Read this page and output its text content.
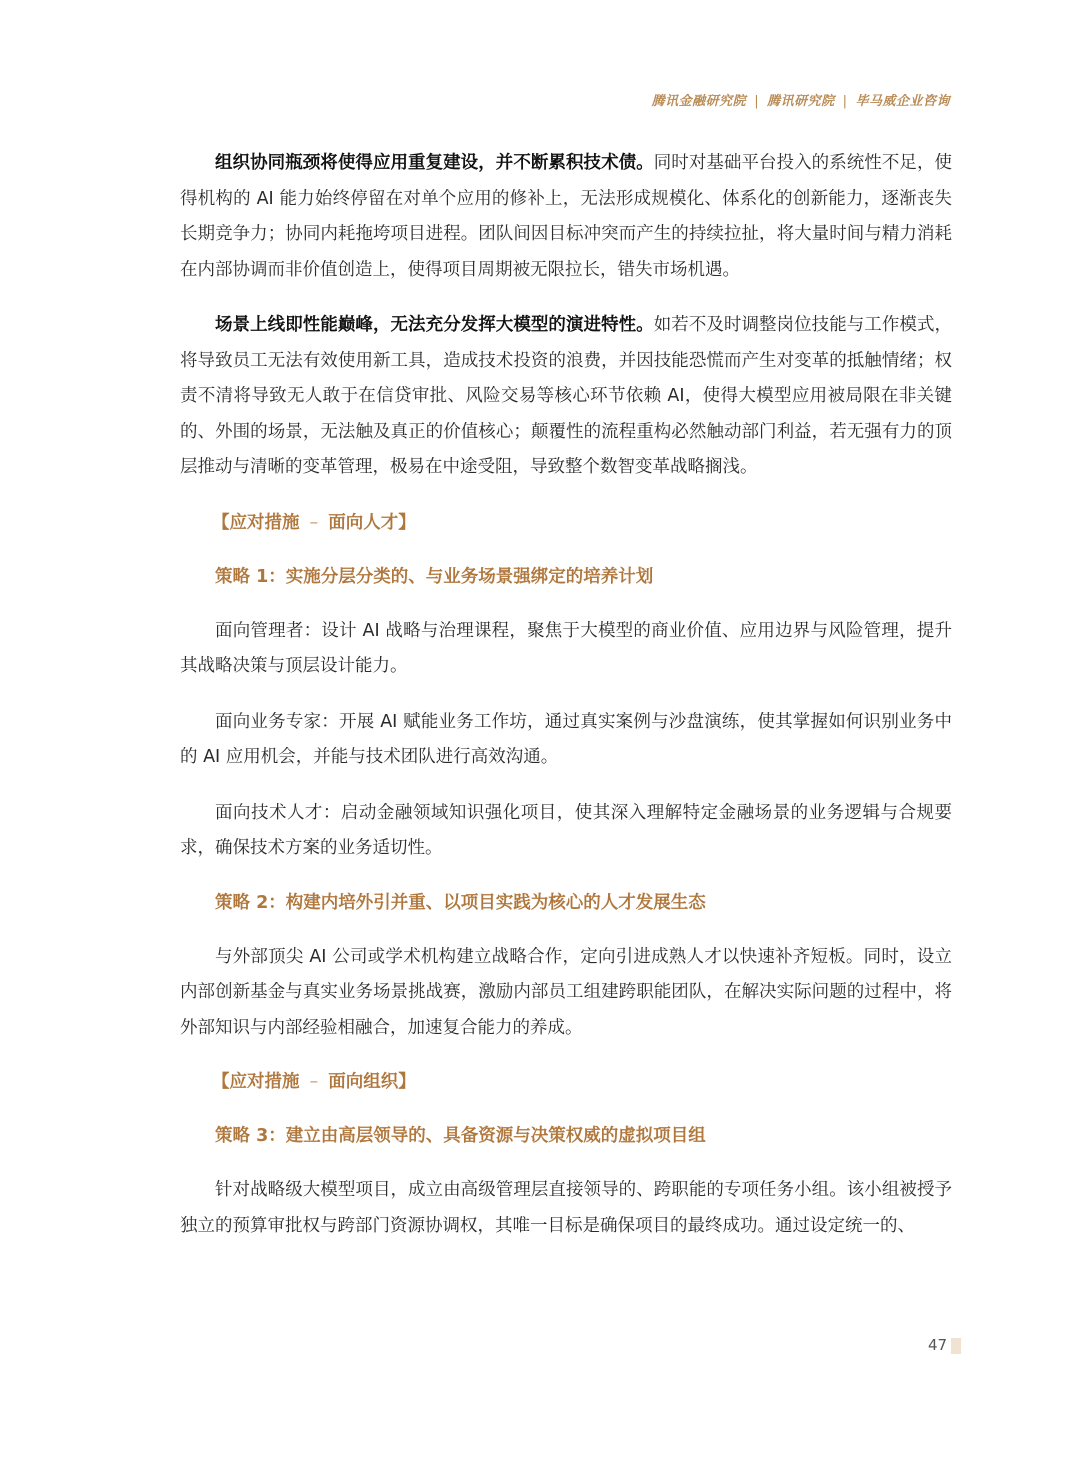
腾讯金融研究院 | 腾讯研究院 | 毕马威企业咨询

组织协同瓶颈将使得应用重复建设，并不断累积技术债。同时对基础平台投入的系统性不足，使得机构的 AI 能力始终停留在对单个应用的修补上，无法形成规模化、体系化的创新能力，逐渐丧失长期竞争力；协同内耗拖垮项目进程。团队间因目标冲突而产生的持续拉扯，将大量时间与精力消耗在内部协调而非价值创造上，使得项目周期被无限拉长，错失市场机遇。

场景上线即性能巅峰，无法充分发挥大模型的演进特性。如若不及时调整岗位技能与工作模式，将导致员工无法有效使用新工具，造成技术投资的浪费，并因技能恐慌而产生对变革的抵触情绪；权责不清将导致无人敢于在信贷审批、风险交易等核心环节依赖 AI，使得大模型应用被局限在非关键的、外围的场景，无法触及真正的价值核心；颠覆性的流程重构必然触动部门利益，若无强有力的顶层推动与清晰的变革管理，极易在中途受阻，导致整个数智变革战略搁浅。

【应对措施 – 面向人才】
策略 1：实施分层分类的、与业务场景强绑定的培养计划

面向管理者：设计 AI 战略与治理课程，聚焦于大模型的商业价值、应用边界与风险管理，提升其战略决策与顶层设计能力。

面向业务专家：开展 AI 赋能业务工作坊，通过真实案例与沙盘演练，使其掌握如何识别业务中的 AI 应用机会，并能与技术团队进行高效沟通。

面向技术人才：启动金融领域知识强化项目，使其深入理解特定金融场景的业务逻辑与合规要求，确保技术方案的业务适切性。

策略 2：构建内培外引并重、以项目实践为核心的人才发展生态

与外部顶尖 AI 公司或学术机构建立战略合作，定向引进成熟人才以快速补齐短板。同时，设立内部创新基金与真实业务场景挑战赛，激励内部员工组建跨职能团队，在解决实际问题的过程中，将外部知识与内部经验相融合，加速复合能力的养成。

【应对措施 – 面向组织】
策略 3：建立由高层领导的、具备资源与决策权威的虚拟项目组

针对战略级大模型项目，成立由高级管理层直接领导的、跨职能的专项任务小组。该小组被授予独立的预算审批权与跨部门资源协调权，其唯一目标是确保项目的最终成功。通过设定统一的、

47
